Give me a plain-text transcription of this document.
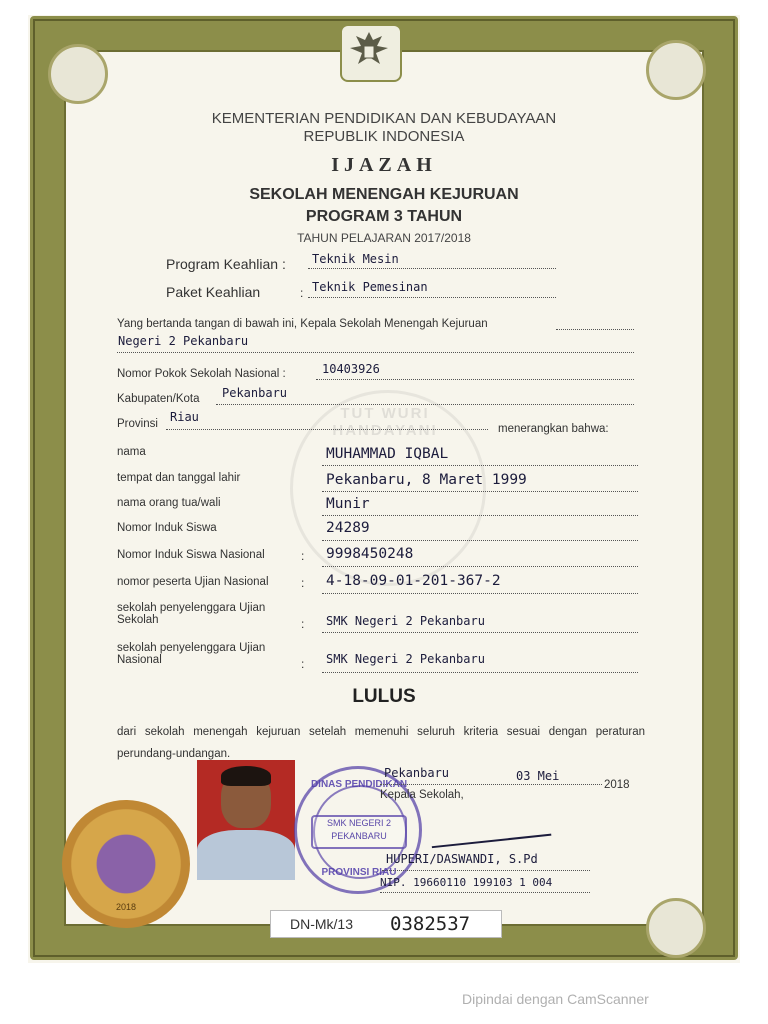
TUT WURI HANDAYANI
KEMENTERIAN PENDIDIKAN DAN KEBUDAYAAN
REPUBLIK INDONESIA
IJAZAH
SEKOLAH MENENGAH KEJURUAN
PROGRAM 3 TAHUN
TAHUN PELAJARAN 2017/2018
Program Keahlian : Teknik Mesin
Paket Keahlian	: Teknik Pemesinan
Yang bertanda tangan di bawah ini, Kepala Sekolah Menengah Kejuruan
Negeri 2 Pekanbaru
Nomor Pokok Sekolah Nasional :	10403926
Kabupaten/Kota Pekanbaru
Provinsi Riau
menerangkan bahwa:
nama	MUHAMMAD IQBAL
tempat dan tanggal lahir	Pekanbaru, 8 Maret 1999
nama orang tua/wali	Munir
Nomor Induk Siswa	24289
Nomor Induk Siswa Nasional	: 9998450248
nomor peserta Ujian Nasional	: 4-18-09-01-201-367-2
sekolah penyelenggara Ujian
Sekolah	: SMK Negeri 2 Pekanbaru
sekolah penyelenggara Ujian
Nasional	: SMK Negeri 2 Pekanbaru
LULUS
dari sekolah menengah kejuruan setelah memenuhi seluruh kriteria sesuai dengan peraturan perundang-undangan.
2018
DINAS PENDIDIKAN
SMK NEGERI 2
PEKANBARU
PROVINSI RIAU
Pekanbaru	03 Mei
2018
Kepala Sekolah,
HUPERI/DASWANDI, S.Pd
NIP. 19660110 199103 1 004
DN-Mk/13 0382537
Dipindai dengan CamScanner
